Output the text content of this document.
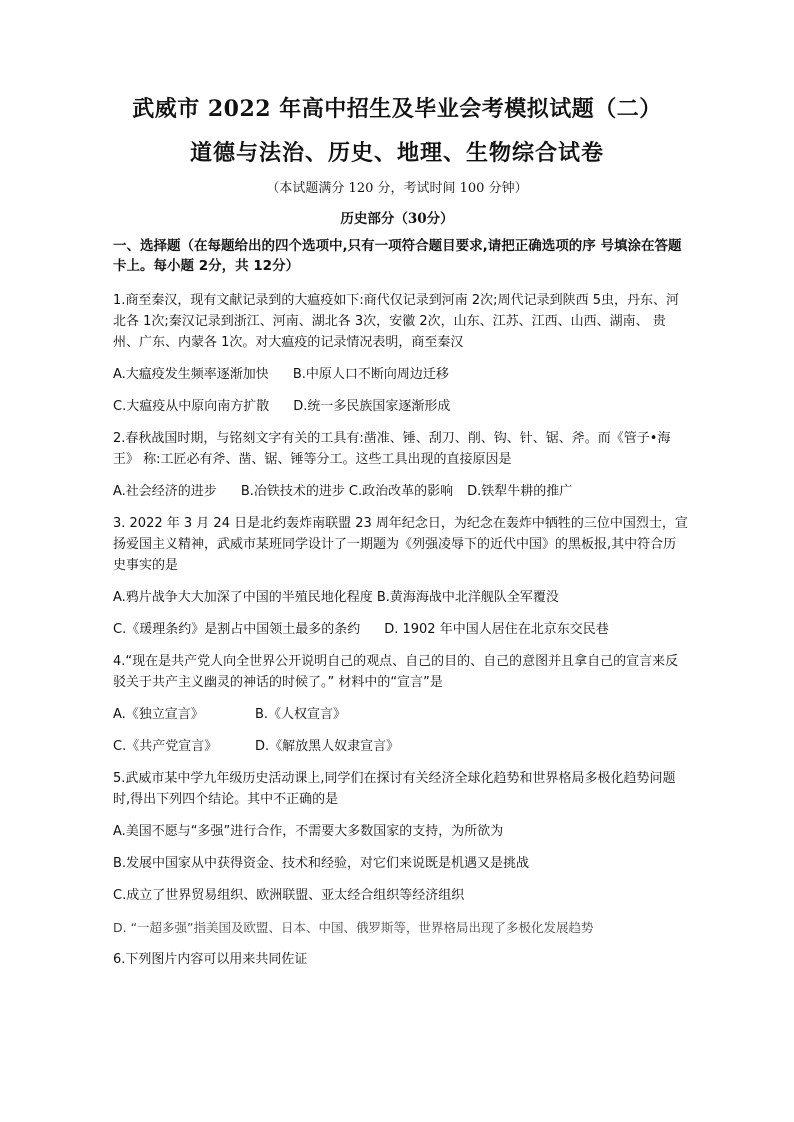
武威市 2022 年高中招生及毕业会考模拟试题（二）
道德与法治、历史、地理、生物综合试卷
（本试题满分 120 分，考试时间 100 分钟）
历史部分（30分）
一、选择题（在每题给出的四个选项中,只有一项符合题目要求,请把正确选项的序 号填涂在答题卡上。每小题 2分，共 12分）
1.商至秦汉，现有文献记录到的大瘟疫如下:商代仅记录到河南 2次;周代记录到陕西 5虫，丹东、河北各 1次;秦汉记录到浙江、河南、湖北各 3次，安徽 2次，山东、江苏、江西、山西、湖南、 贵州、广东、内蒙各 1次。对大瘟疫的记录情况表明，商至秦汉
A.大瘟疫发生频率逐渐加快 B.中原人口不断向周边迁移
C.大瘟疫从中原向南方扩散 D.统一多民族国家逐渐形成
2.春秋战国时期，与铭刻文字有关的工具有:凿准、锤、刮刀、削、钩、针、锯、斧。而《管子•海王》 称:工匠必有斧、凿、锯、锤等分工。这些工具出现的直接原因是
A.社会经济的进步 B.冶铁技术的进步 C.政治改革的影响 D.铁犁牛耕的推广
3. 2022 年 3 月 24 日是北约轰炸南联盟 23 周年纪念日，为纪念在轰炸中牺牲的三位中国烈士，宣扬爱国主义精神，武威市某班同学设计了一期题为《列强凌辱下的近代中国》的黑板报,其中符合历史事实的是
A.鸦片战争大大加深了中国的半殖民地化程度 B.黄海海战中北洋舰队全军覆没
C.《瑗理条约》是割占中国领土最多的条约 D. 1902 年中国人居住在北京东交民巷
4.“现在是共产党人向全世界公开说明自己的观点、自己的目的、自己的意图并且拿自己的宣言来反驳关于共产主义幽灵的神话的时候了。” 材料中的“宣言”是
A.《独立宣言》	B.《人权宣言》
C.《共产党宣言》	D.《解放黑人奴隶宣言》
5.武威市某中学九年级历史活动课上,同学们在探讨有关经济全球化趋势和世界格局多极化趋势问题时,得出下列四个结论。其中不正确的是
A.美国不愿与“多强”进行合作，不需要大多数国家的支持，为所欲为
B.发展中国家从中获得资金、技术和经验，对它们来说既是机遇又是挑战
C.成立了世界贸易组织、欧洲联盟、亚太经合组织等经济组织
D. “一超多强”指美国及欧盟、日本、中国、俄罗斯等，世界格局出现了多极化发展趋势
6.下列图片内容可以用来共同佐证
